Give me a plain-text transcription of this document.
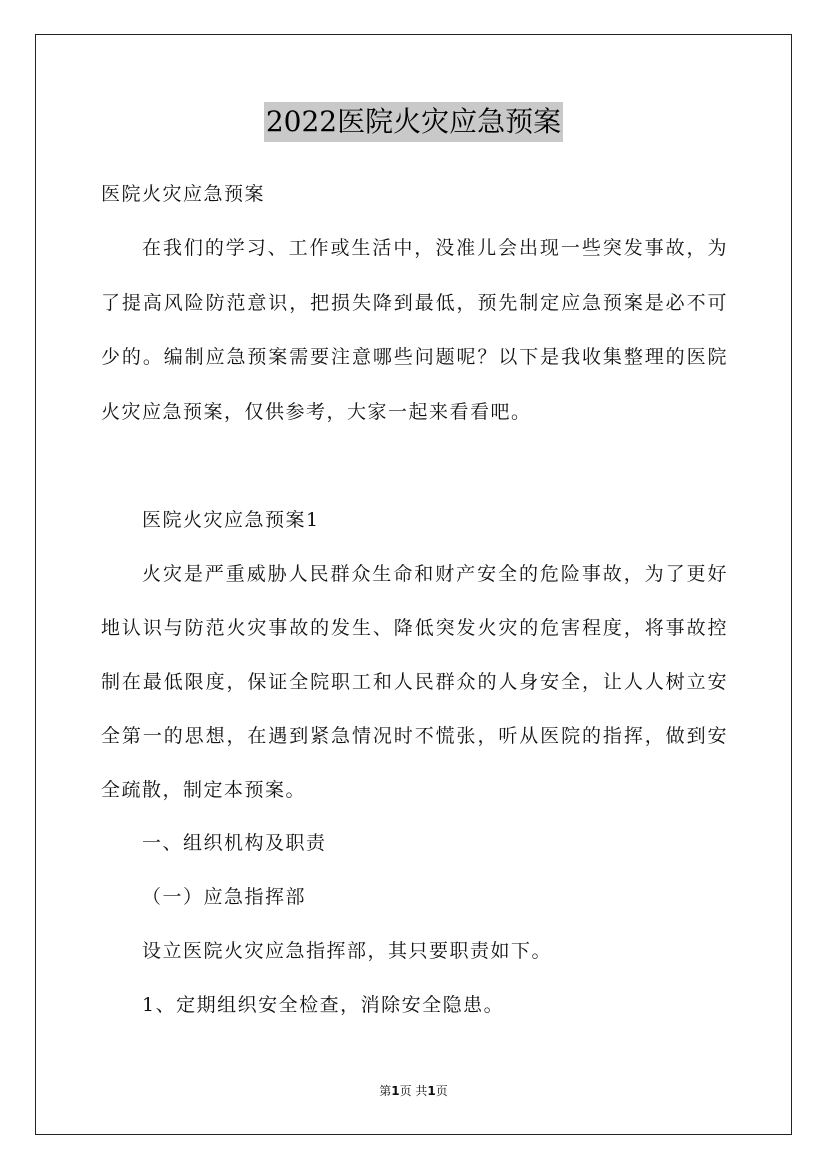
2022医院火灾应急预案
医院火灾应急预案
在我们的学习、工作或生活中，没准儿会出现一些突发事故，为
了提高风险防范意识，把损失降到最低，预先制定应急预案是必不可
少的。编制应急预案需要注意哪些问题呢？以下是我收集整理的医院
火灾应急预案，仅供参考，大家一起来看看吧。
医院火灾应急预案1
火灾是严重威胁人民群众生命和财产安全的危险事故，为了更好
地认识与防范火灾事故的发生、降低突发火灾的危害程度，将事故控
制在最低限度，保证全院职工和人民群众的人身安全，让人人树立安
全第一的思想，在遇到紧急情况时不慌张，听从医院的指挥，做到安
全疏散，制定本预案。
一、组织机构及职责
（一）应急指挥部
设立医院火灾应急指挥部，其只要职责如下。
1、定期组织安全检查，消除安全隐患。
第1页 共1页
